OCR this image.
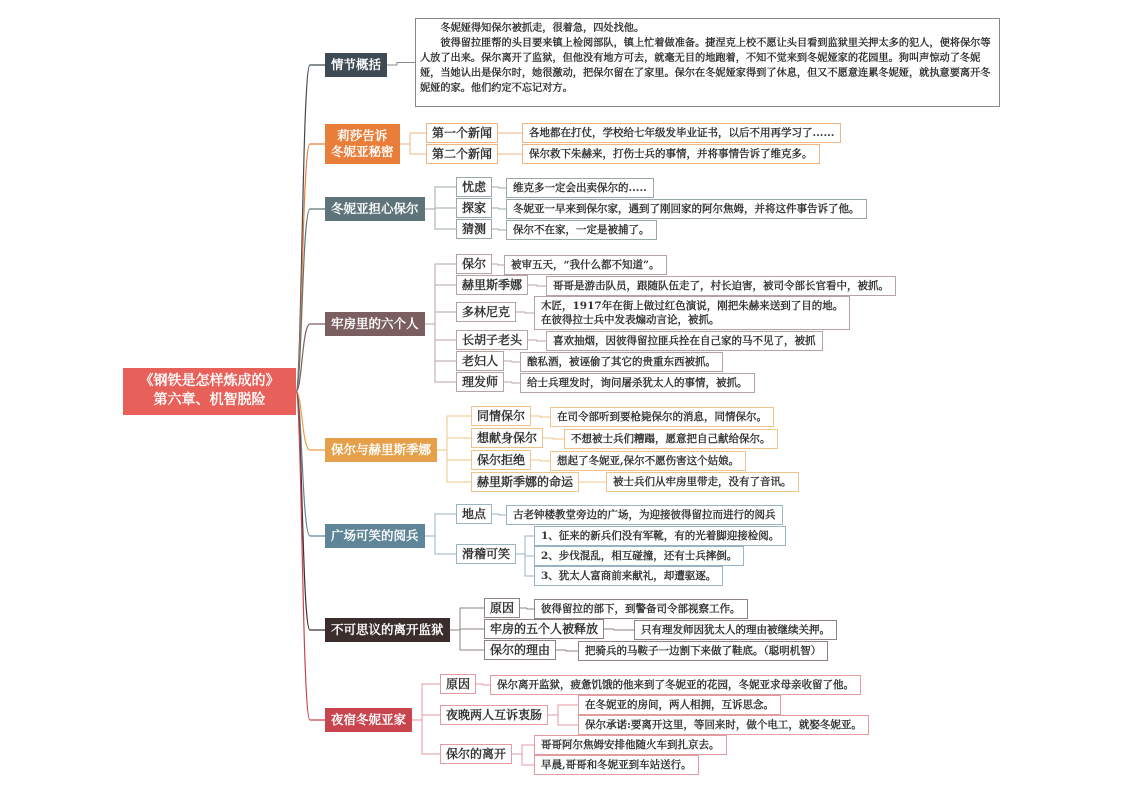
《钢铁是怎样炼成的》
第六章、机智脱险
情节概括

冬妮娅得知保尔被抓走，很着急，四处找他。

彼得留拉匪帮的头目要来镇上检阅部队，镇上忙着做准备。捷涅克上校不愿让头目看到监狱里关押太多的犯人，便将保尔等人放了出来。保尔离开了监狱，但他没有地方可去，就毫无目的地跑着，不知不觉来到冬妮娅家的花园里。狗叫声惊动了冬妮娅，当她认出是保尔时，她很激动，把保尔留在了家里。保尔在冬妮娅家得到了休息，但又不愿意连累冬妮娅，就执意要离开冬妮娅的家。他们约定不忘记对方。

莉莎告诉
冬妮亚秘密
第一个新闻	各地都在打仗，学校给七年级发毕业证书，以后不用再学习了......
第二个新闻	保尔救下朱赫来，打伤士兵的事情，并将事情告诉了维克多。
冬妮亚担心保尔
忧虑	维克多一定会出卖保尔的.....
探家	冬妮亚一早来到保尔家，遇到了刚回家的阿尔焦姆，并将这件事告诉了他。
猜测	保尔不在家，一定是被捕了。
牢房里的六个人
保尔	被审五天，“我什么都不知道”。
赫里斯季娜	哥哥是游击队员，跟随队伍走了，村长迫害，被司令部长官看中，被抓。
多林尼克	木匠，1917年在街上做过红色演说，刚把朱赫来送到了目的地。
在彼得拉士兵中发表煽动言论，被抓。
长胡子老头	喜欢抽烟，因彼得留拉匪兵拴在自己家的马不见了，被抓
老妇人	酿私酒，被诬偷了其它的贵重东西被抓。
理发师	给士兵理发时，询问屠杀犹太人的事情，被抓。
保尔与赫里斯季娜
同情保尔	在司令部听到要枪毙保尔的消息，同情保尔。
想献身保尔	不想被士兵们糟蹋，愿意把自己献给保尔。
保尔拒绝	想起了冬妮亚,保尔不愿伤害这个姑娘。
赫里斯季娜的命运	被士兵们从牢房里带走，没有了音讯。
广场可笑的阅兵
地点	古老钟楼教堂旁边的广场，为迎接彼得留拉而进行的阅兵
滑稽可笑
1、征来的新兵们没有军靴，有的光着脚迎接检阅。
2、步伐混乱，相互碰撞，还有士兵摔倒。
3、犹太人富商前来献礼，却遭驱逐。
不可思议的离开监狱
原因	彼得留拉的部下，到警备司令部视察工作。
牢房的五个人被释放	只有理发师因犹太人的理由被继续关押。
保尔的理由	把骑兵的马鞍子一边割下来做了鞋底。（聪明机智）
夜宿冬妮亚家
原因	保尔离开监狱，疲惫饥饿的他来到了冬妮亚的花园，冬妮亚求母亲收留了他。
夜晚两人互诉衷肠
在冬妮亚的房间，两人相拥，互诉思念。
保尔承诺:要离开这里，等回来时，做个电工，就娶冬妮亚。
保尔的离开
哥哥阿尔焦姆安排他随火车到扎京去。
早晨,哥哥和冬妮亚到车站送行。
